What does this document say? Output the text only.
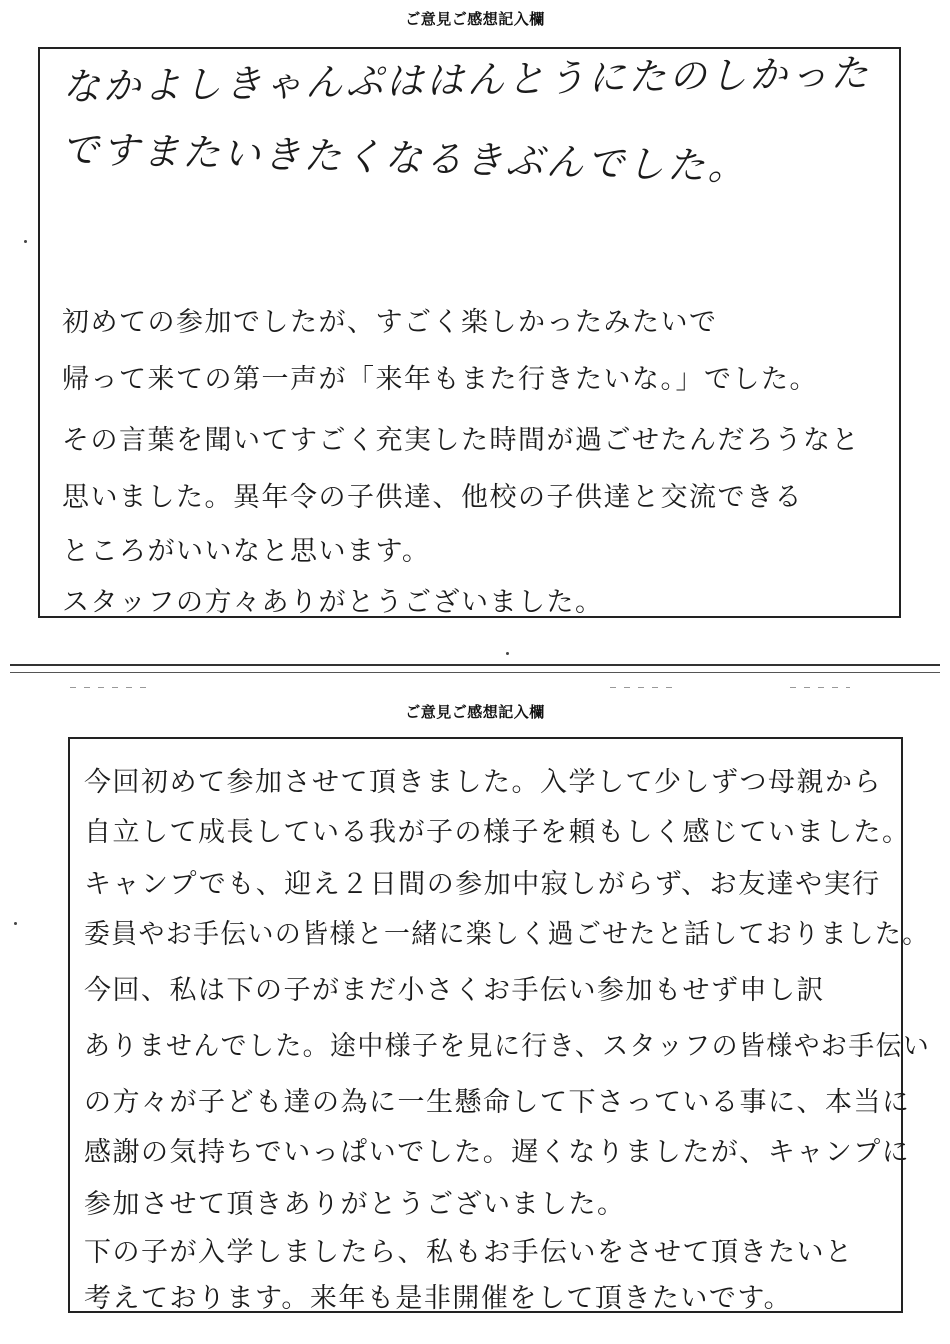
ご意見ご感想記入欄
なかよしきゃんぷははんとうにたのしかった
ですまたいきたくなるきぶんでした。
初めての参加でしたが、すごく楽しかったみたいで
帰って来ての第一声が「来年もまた行きたいな。」でした。
その言葉を聞いてすごく充実した時間が過ごせたんだろうなと
思いました。異年令の子供達、他校の子供達と交流できる
ところがいいなと思います。
スタッフの方々ありがとうございました。
ご意見ご感想記入欄
今回初めて参加させて頂きました。入学して少しずつ母親から
自立して成長している我が子の様子を頼もしく感じていました。
キャンプでも、迎え２日間の参加中寂しがらず、お友達や実行
委員やお手伝いの皆様と一緒に楽しく過ごせたと話しておりました。
今回、私は下の子がまだ小さくお手伝い参加もせず申し訳
ありませんでした。途中様子を見に行き、スタッフの皆様やお手伝い
の方々が子ども達の為に一生懸命して下さっている事に、本当に
感謝の気持ちでいっぱいでした。遅くなりましたが、キャンプに
参加させて頂きありがとうございました。
下の子が入学しましたら、私もお手伝いをさせて頂きたいと
考えております。来年も是非開催をして頂きたいです。
